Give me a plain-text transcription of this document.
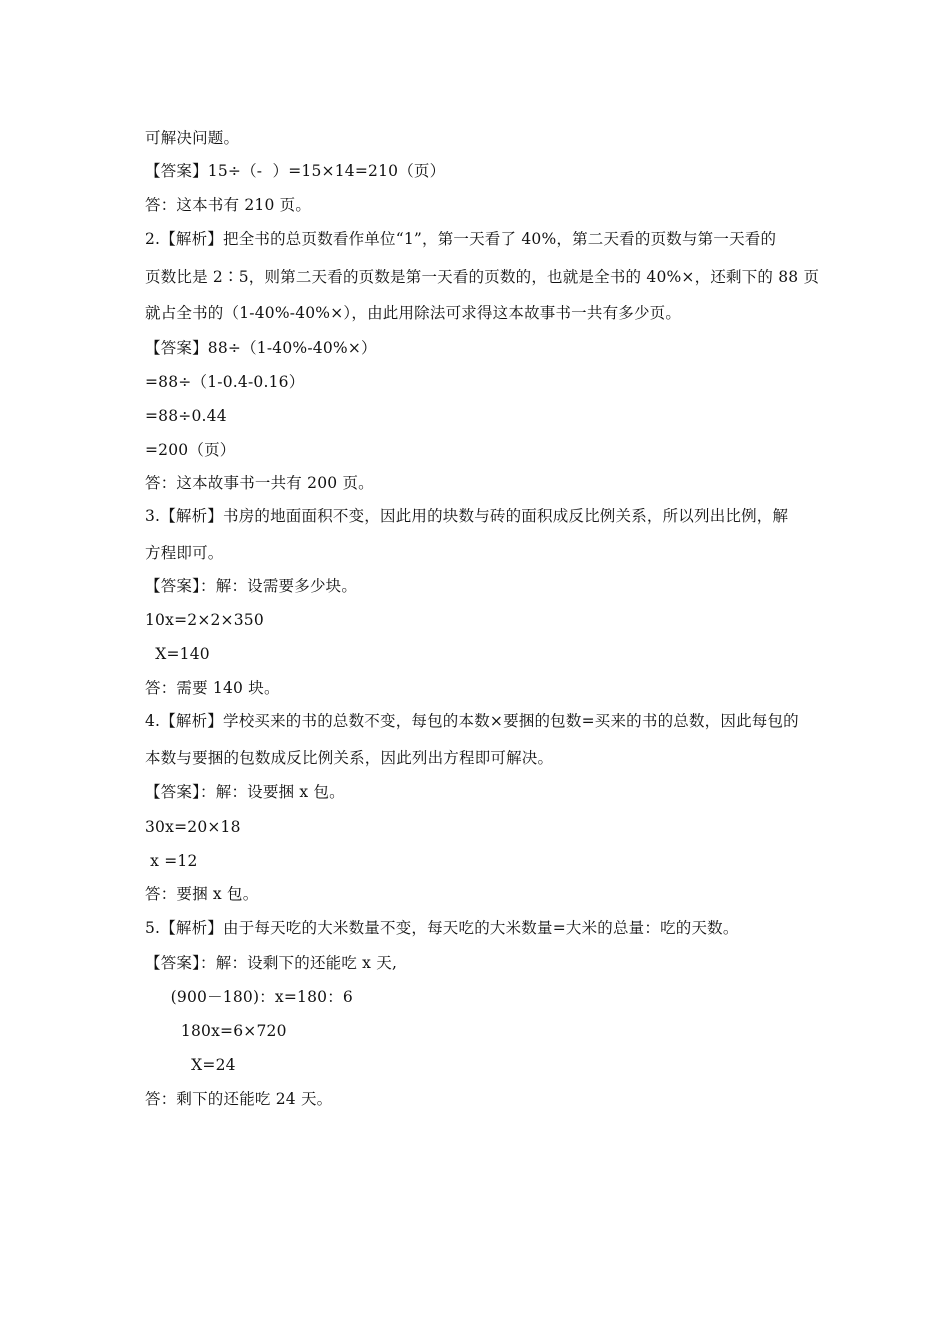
可解决问题。
【答案】15÷（-  ）=15×14=210（页）
答：这本书有 210 页。
2.【解析】把全书的总页数看作单位“1”，第一天看了 40%，第二天看的页数与第一天看的
页数比是 2∶5，则第二天看的页数是第一天看的页数的，也就是全书的 40%×，还剩下的 88 页
就占全书的（1-40%-40%×），由此用除法可求得这本故事书一共有多少页。
【答案】88÷（1-40%-40%×）
=88÷（1-0.4-0.16）
=88÷0.44
=200（页）
答：这本故事书一共有 200 页。
3.【解析】书房的地面面积不变，因此用的块数与砖的面积成反比例关系，所以列出比例，解
方程即可。
【答案】：解：设需要多少块。
10x=2×2×350
X=140
答：需要 140 块。
4.【解析】学校买来的书的总数不变，每包的本数×要捆的包数=买来的书的总数，因此每包的
本数与要捆的包数成反比例关系，因此列出方程即可解决。
【答案】：解：设要捆 x 包。
30x=20×18
x =12
答：要捆 x 包。
5.【解析】由于每天吃的大米数量不变，每天吃的大米数量=大米的总量：吃的天数。
【答案】：解：设剩下的还能吃 x 天,
(900－180)：x=180：6
180x=6×720
X=24
答：剩下的还能吃 24 天。
